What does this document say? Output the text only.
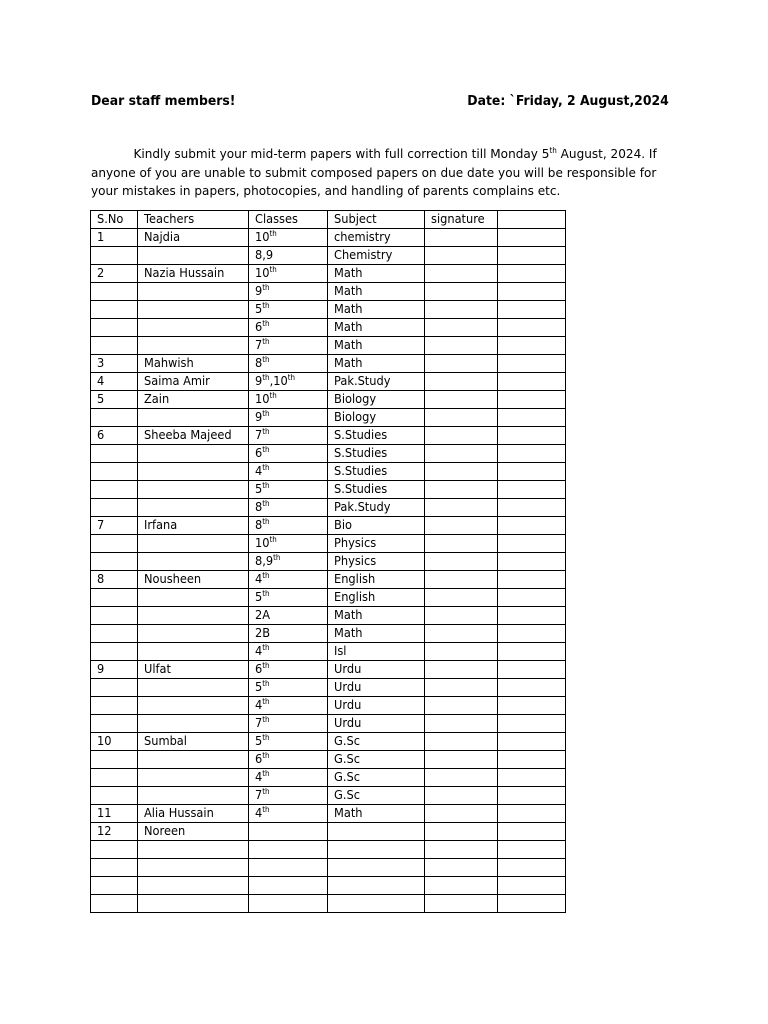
Dear staff members!	Date: `Friday, 2 August,2024

Kindly submit your mid-term papers with full correction till Monday 5th August, 2024. If anyone of you are unable to submit composed papers on due date you will be responsible for your mistakes in papers, photocopies, and handling of parents complains etc.

S.No	Teachers	Classes	Subject	signature	
1	Najdia	10th	chemistry		
		8,9	Chemistry		
2	Nazia Hussain	10th	Math		
		9th	Math		
		5th	Math		
		6th	Math		
		7th	Math		
3	Mahwish	8th	Math		
4	Saima Amir	9th,10th	Pak.Study		
5	Zain	10th	Biology		
		9th	Biology		
6	Sheeba Majeed	7th	S.Studies		
		6th	S.Studies		
		4th	S.Studies		
		5th	S.Studies		
		8th	Pak.Study		
7	Irfana	8th	Bio		
		10th	Physics		
		8,9th	Physics		
8	Nousheen	4th	English		
		5th	English		
		2A	Math		
		2B	Math		
		4th	Isl		
9	Ulfat	6th	Urdu		
		5th	Urdu		
		4th	Urdu		
		7th	Urdu		
10	Sumbal	5th	G.Sc		
		6th	G.Sc		
		4th	G.Sc		
		7th	G.Sc		
11	Alia Hussain	4th	Math		
12	Noreen				
